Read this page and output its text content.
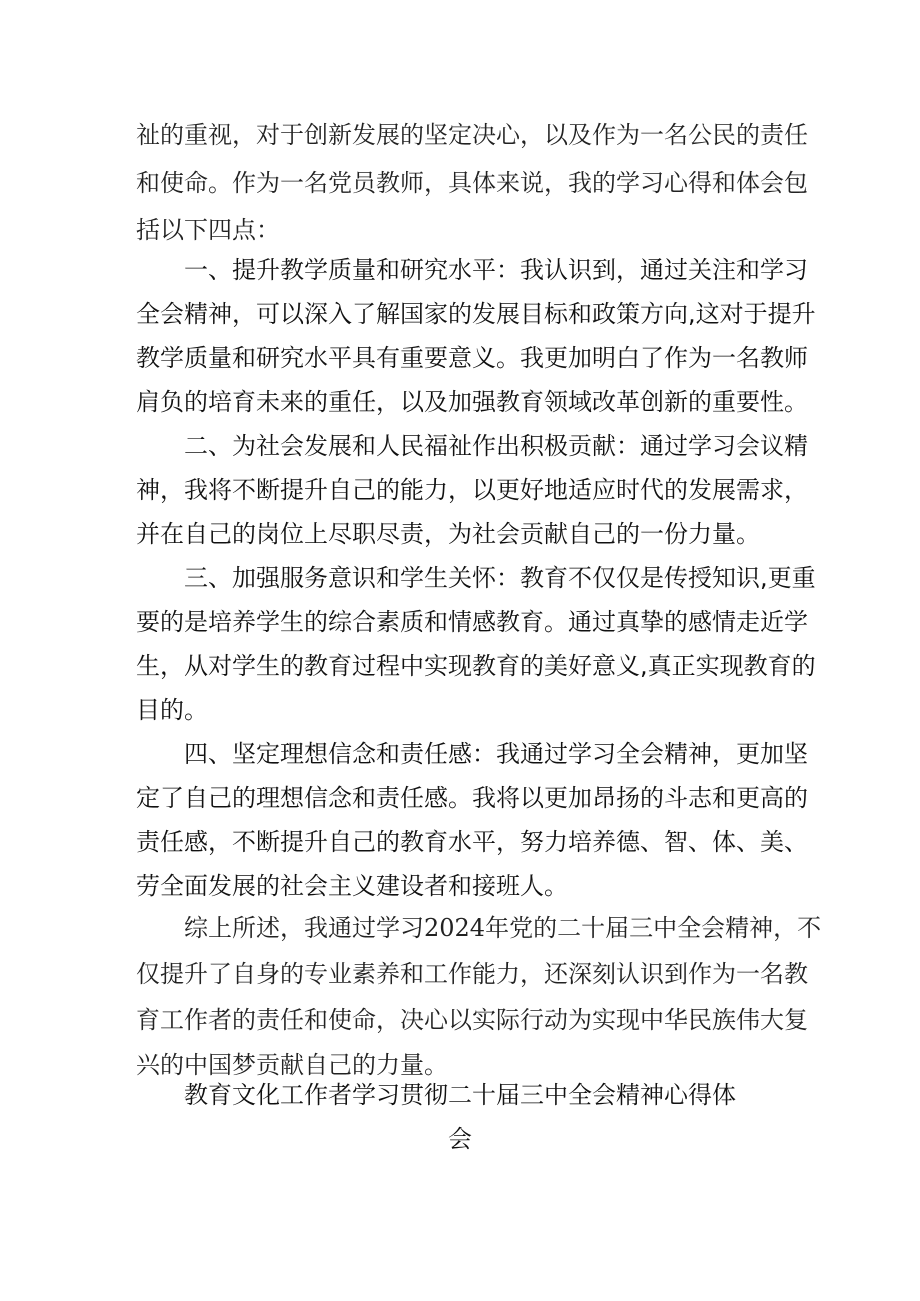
祉的重视，对于创新发展的坚定决心，以及作为一名公民的责任
和使命。作为一名党员教师，具体来说，我的学习心得和体会包
括以下四点：
　　一、提升教学质量和研究水平：我认识到，通过关注和学习
全会精神，可以深入了解国家的发展目标和政策方向,这对于提升
教学质量和研究水平具有重要意义。我更加明白了作为一名教师
肩负的培育未来的重任，以及加强教育领域改革创新的重要性。
　　二、为社会发展和人民福祉作出积极贡献：通过学习会议精
神，我将不断提升自己的能力，以更好地适应时代的发展需求，
并在自己的岗位上尽职尽责，为社会贡献自己的一份力量。
　　三、加强服务意识和学生关怀：教育不仅仅是传授知识,更重
要的是培养学生的综合素质和情感教育。通过真挚的感情走近学
生，从对学生的教育过程中实现教育的美好意义,真正实现教育的
目的。
　　四、坚定理想信念和责任感：我通过学习全会精神，更加坚
定了自己的理想信念和责任感。我将以更加昂扬的斗志和更高的
责任感，不断提升自己的教育水平，努力培养德、智、体、美、
劳全面发展的社会主义建设者和接班人。
　　综上所述，我通过学习2024年党的二十届三中全会精神，不
仅提升了自身的专业素养和工作能力，还深刻认识到作为一名教
育工作者的责任和使命，决心以实际行动为实现中华民族伟大复
兴的中国梦贡献自己的力量。
教育文化工作者学习贯彻二十届三中全会精神心得体
会
